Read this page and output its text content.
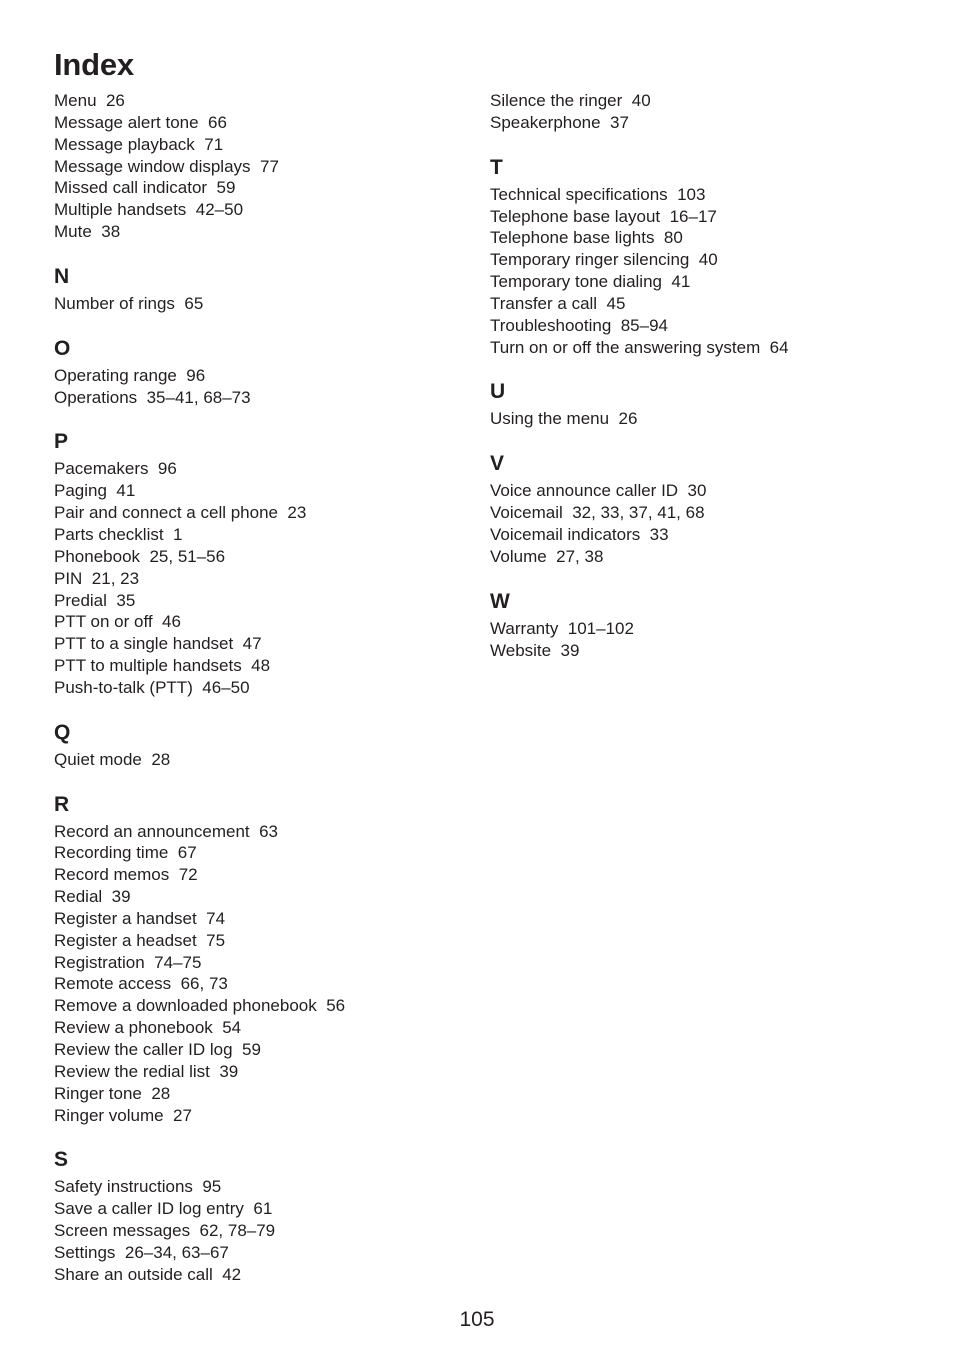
Index

Menu  26

Message alert tone  66

Message playback  71

Message window displays  77

Missed call indicator  59

Multiple handsets  42–50

Mute  38

N

Number of rings  65

O

Operating range  96

Operations  35–41, 68–73

P

Pacemakers  96

Paging  41

Pair and connect a cell phone  23

Parts checklist  1

Phonebook  25, 51–56

PIN  21, 23

Predial  35

PTT on or off  46

PTT to a single handset  47

PTT to multiple handsets  48

Push-to-talk (PTT)  46–50

Q

Quiet mode  28

R

Record an announcement  63

Recording time  67

Record memos  72

Redial  39

Register a handset  74

Register a headset  75

Registration  74–75

Remote access  66, 73

Remove a downloaded phonebook  56

Review a phonebook  54

Review the caller ID log  59

Review the redial list  39

Ringer tone  28

Ringer volume  27

S

Safety instructions  95

Save a caller ID log entry  61

Screen messages  62, 78–79

Settings  26–34, 63–67

Share an outside call  42

Silence the ringer  40

Speakerphone  37

T

Technical specifications  103

Telephone base layout  16–17

Telephone base lights  80

Temporary ringer silencing  40

Temporary tone dialing  41

Transfer a call  45

Troubleshooting  85–94

Turn on or off the answering system  64

U

Using the menu  26

V

Voice announce caller ID  30

Voicemail  32, 33, 37, 41, 68

Voicemail indicators  33

Volume  27, 38

W

Warranty  101–102

Website  39

105
